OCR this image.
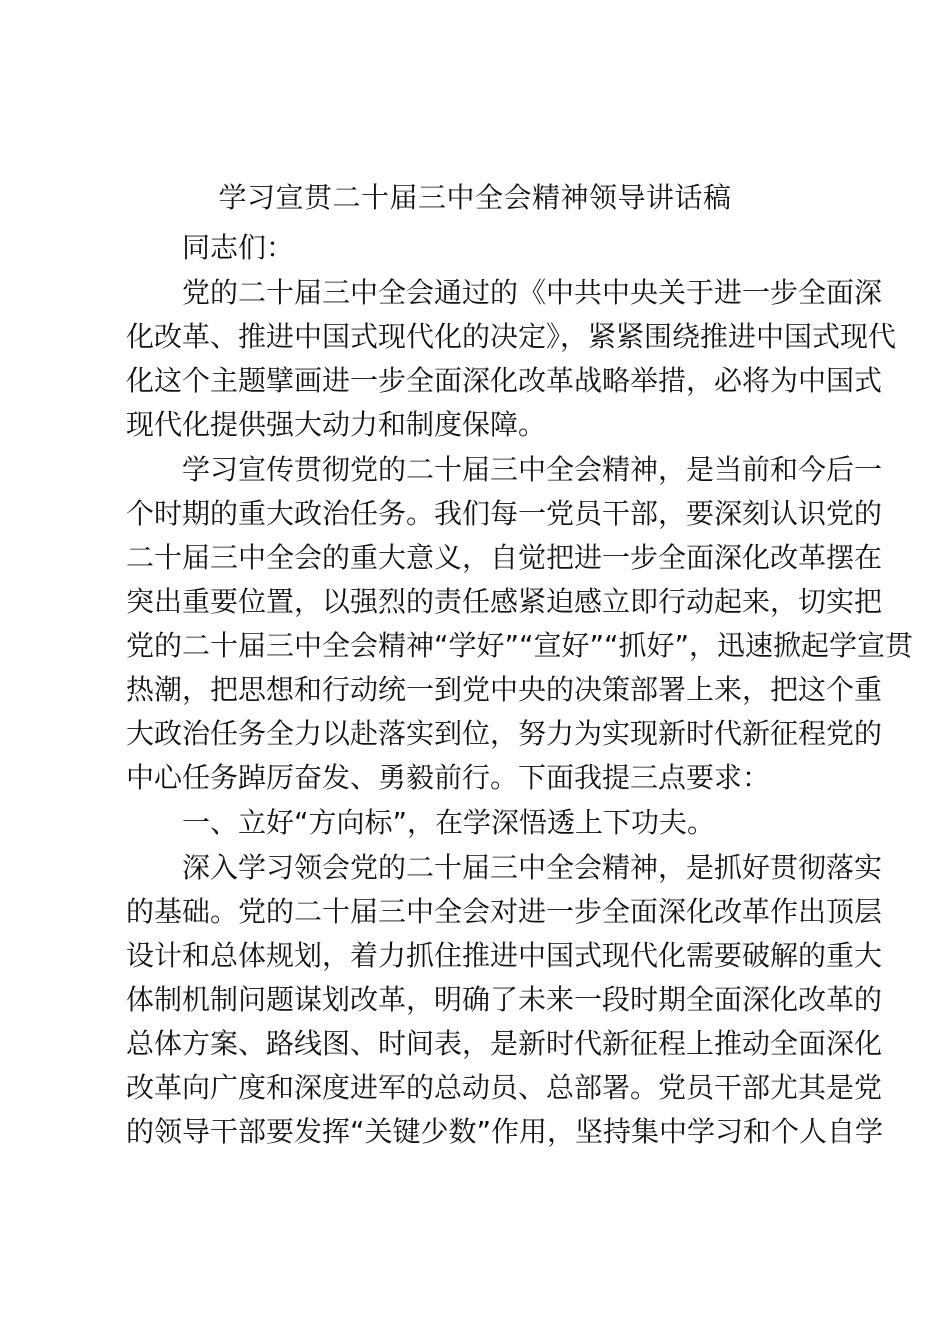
学习宣贯二十届三中全会精神领导讲话稿
同志们：
党的二十届三中全会通过的《中共中央关于进一步全面深
化改革、推进中国式现代化的决定》，紧紧围绕推进中国式现代
化这个主题擘画进一步全面深化改革战略举措，必将为中国式
现代化提供强大动力和制度保障。
学习宣传贯彻党的二十届三中全会精神，是当前和今后一
个时期的重大政治任务。我们每一党员干部，要深刻认识党的
二十届三中全会的重大意义，自觉把进一步全面深化改革摆在
突出重要位置，以强烈的责任感紧迫感立即行动起来，切实把
党的二十届三中全会精神“学好”“宣好”“抓好”，迅速掀起学宣贯
热潮，把思想和行动统一到党中央的决策部署上来，把这个重
大政治任务全力以赴落实到位，努力为实现新时代新征程党的
中心任务踔厉奋发、勇毅前行。下面我提三点要求：
一、立好“方向标”，在学深悟透上下功夫。
深入学习领会党的二十届三中全会精神，是抓好贯彻落实
的基础。党的二十届三中全会对进一步全面深化改革作出顶层
设计和总体规划，着力抓住推进中国式现代化需要破解的重大
体制机制问题谋划改革，明确了未来一段时期全面深化改革的
总体方案、路线图、时间表，是新时代新征程上推动全面深化
改革向广度和深度进军的总动员、总部署。党员干部尤其是党
的领导干部要发挥“关键少数”作用，坚持集中学习和个人自学
